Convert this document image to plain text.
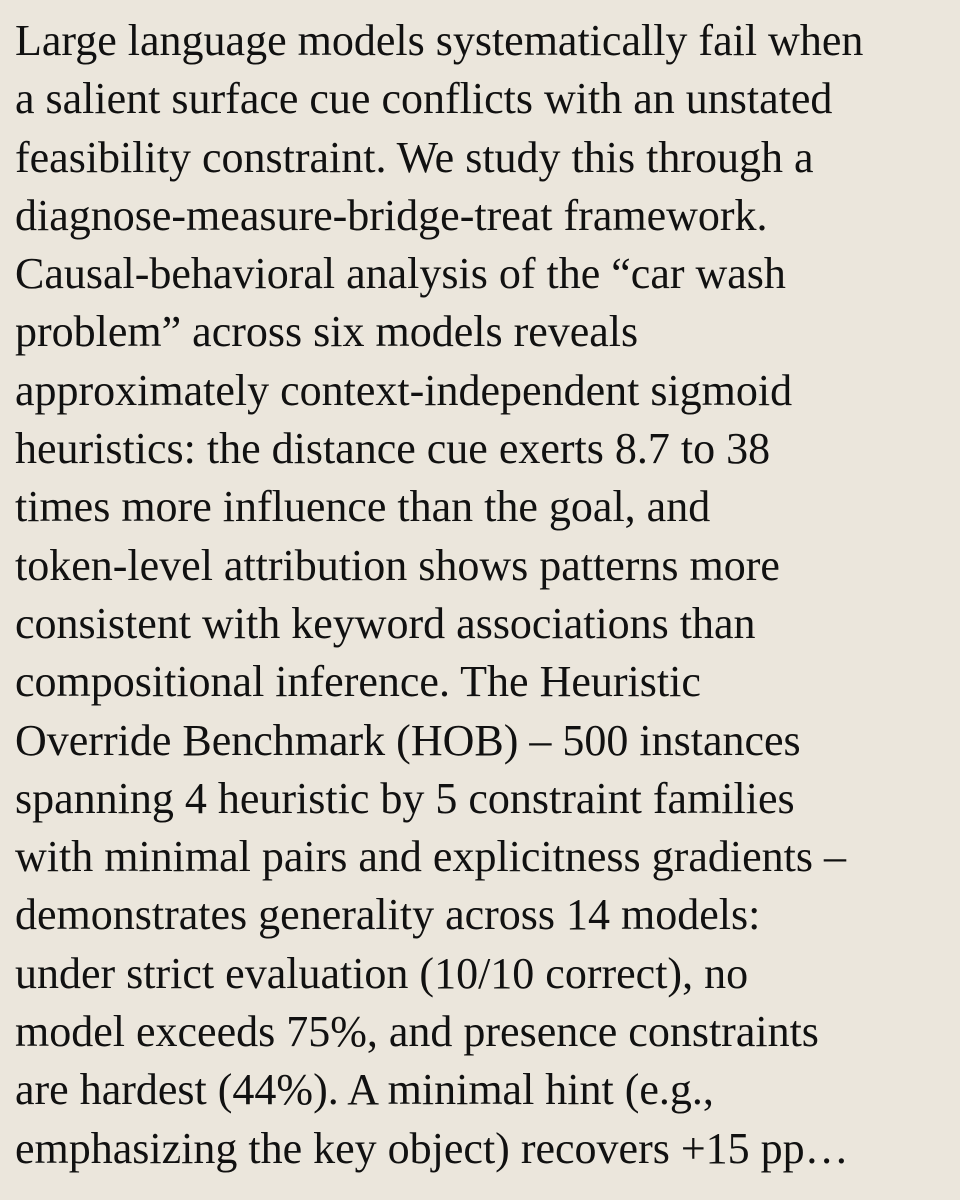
Large language models systematically fail when
a salient surface cue conflicts with an unstated
feasibility constraint. We study this through a
diagnose-measure-bridge-treat framework.
Causal-behavioral analysis of the “car wash
problem” across six models reveals
approximately context-independent sigmoid
heuristics: the distance cue exerts 8.7 to 38
times more influence than the goal, and
token-level attribution shows patterns more
consistent with keyword associations than
compositional inference. The Heuristic
Override Benchmark (HOB) – 500 instances
spanning 4 heuristic by 5 constraint families
with minimal pairs and explicitness gradients –
demonstrates generality across 14 models:
under strict evaluation (10/10 correct), no
model exceeds 75%, and presence constraints
are hardest (44%). A minimal hint (e.g.,
emphasizing the key object) recovers +15 pp…
